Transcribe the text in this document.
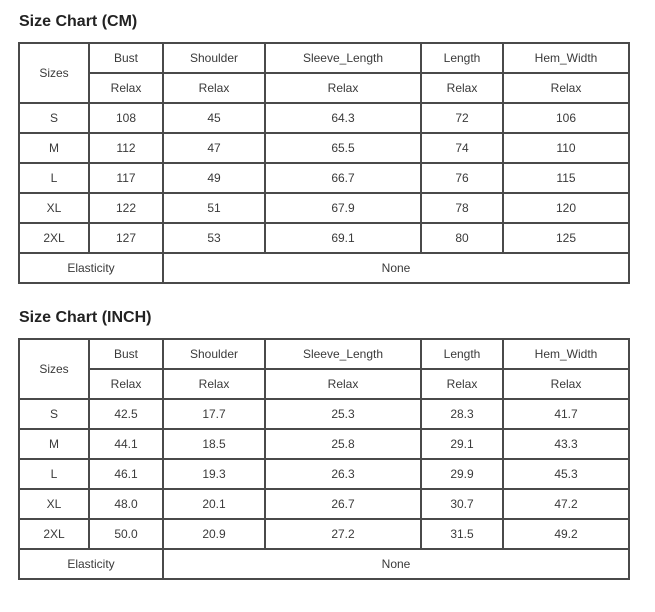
Size Chart (CM)
Sizes	Bust	Shoulder	Sleeve_Length	Length	Hem_Width
	Relax	Relax	Relax	Relax	Relax
S	108	45	64.3	72	106
M	112	47	65.5	74	110
L	117	49	66.7	76	115
XL	122	51	67.9	78	120
2XL	127	53	69.1	80	125
Elasticity		None			
Size Chart (INCH)
Sizes	Bust	Shoulder	Sleeve_Length	Length	Hem_Width
	Relax	Relax	Relax	Relax	Relax
S	42.5	17.7	25.3	28.3	41.7
M	44.1	18.5	25.8	29.1	43.3
L	46.1	19.3	26.3	29.9	45.3
XL	48.0	20.1	26.7	30.7	47.2
2XL	50.0	20.9	27.2	31.5	49.2
Elasticity		None			
